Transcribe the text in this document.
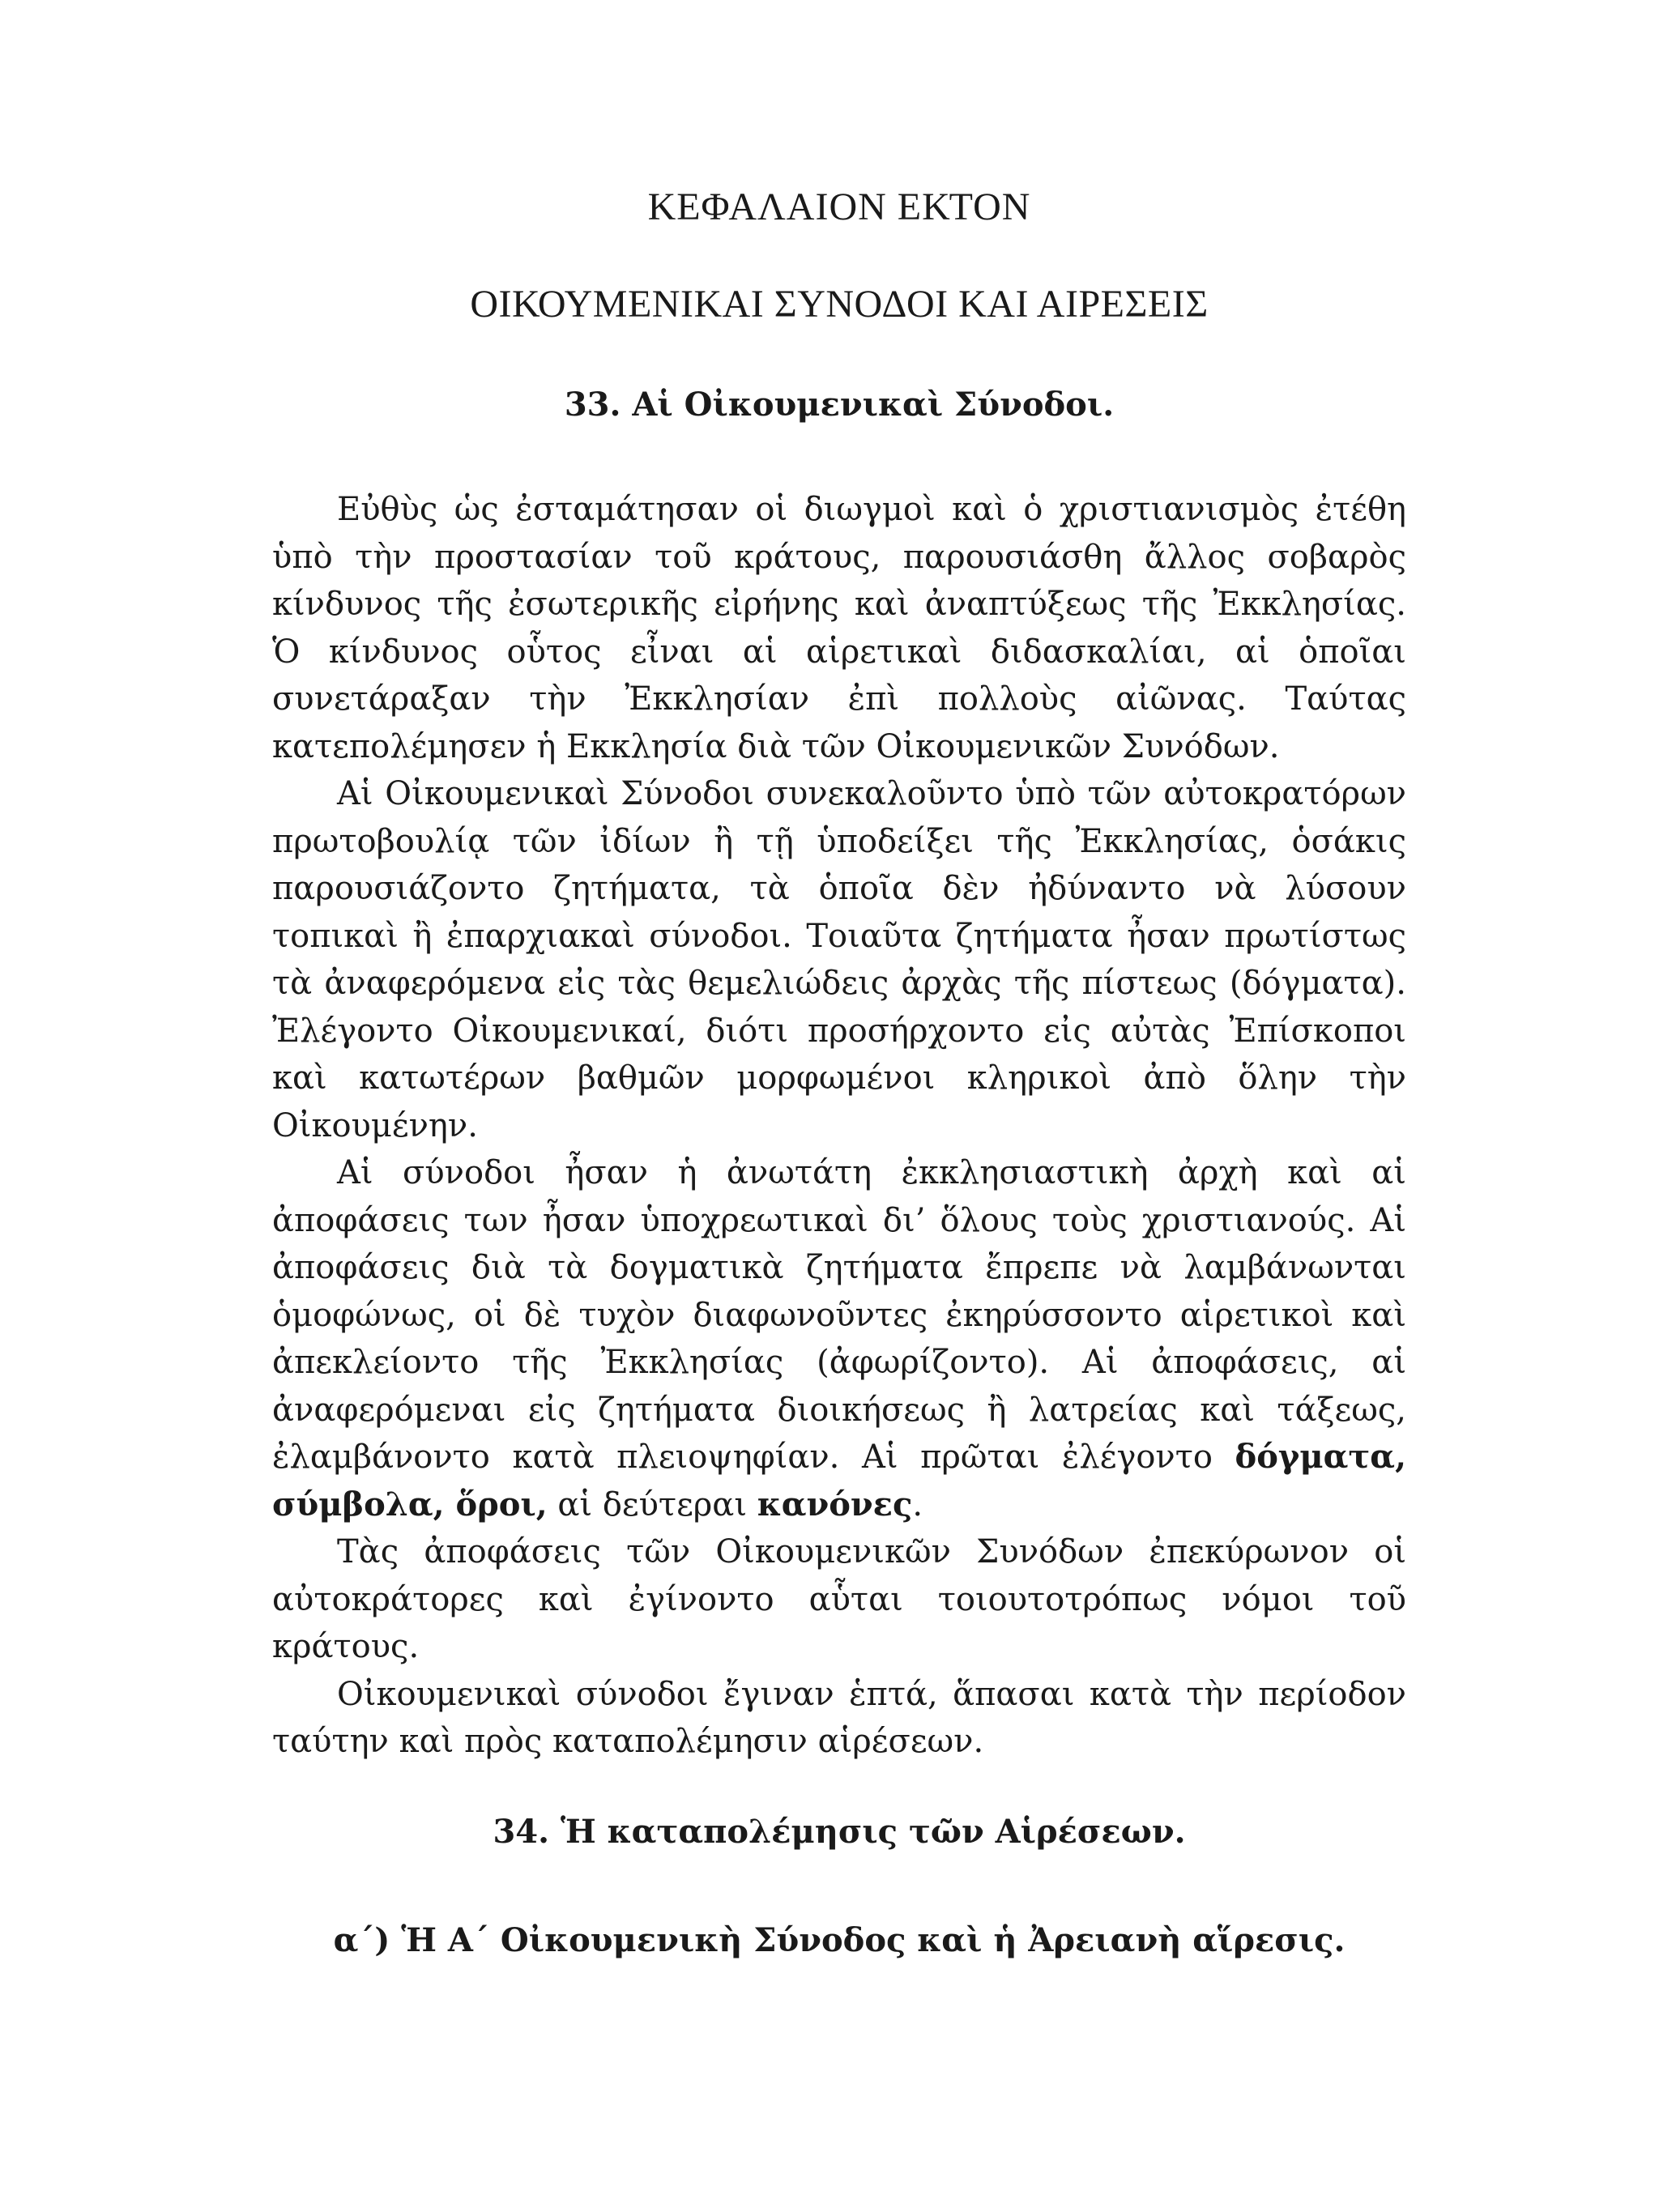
ΚΕΦΑΛΑΙΟΝ ΕΚΤΟΝ
ΟΙΚΟΥΜΕΝΙΚΑΙ ΣΥΝΟΔΟΙ ΚΑΙ ΑΙΡΕΣΕΙΣ
33. Αἱ Οἰκουμενικαὶ Σύνοδοι.

Εὐθὺς ὡς ἐσταμάτησαν οἱ διωγμοὶ καὶ ὁ χριστιανισμὸς ἐτέθη ὑπὸ τὴν προστασίαν τοῦ κράτους, παρουσιάσθη ἄλλος σοβαρὸς κίνδυνος τῆς ἐσωτερικῆς εἰρήνης καὶ ἀναπτύξεως τῆς Ἐκκλησίας. Ὁ κίνδυνος οὗτος εἶναι αἱ αἱρετικαὶ διδασκαλίαι, αἱ ὁποῖαι συνετάραξαν τὴν Ἐκκλησίαν ἐπὶ πολλοὺς αἰῶνας. Ταύτας κατεπολέμησεν ἡ Εκκλησία διὰ τῶν Οἰκουμενικῶν Συνόδων.

Αἱ Οἰκουμενικαὶ Σύνοδοι συνεκαλοῦντο ὑπὸ τῶν αὐτοκρατόρων πρωτοβουλίᾳ τῶν ἰδίων ἢ τῇ ὑποδείξει τῆς Ἐκκλησίας, ὁσάκις παρουσιάζοντο ζητήματα, τὰ ὁποῖα δὲν ἠδύναντο νὰ λύσουν τοπικαὶ ἢ ἐπαρχιακαὶ σύνοδοι. Τοιαῦτα ζητήματα ἦσαν πρωτίστως τὰ ἀναφερόμενα εἰς τὰς θεμελιώδεις ἀρχὰς τῆς πίστεως (δόγματα). Ἐλέγοντο Οἰκουμενικαί, διότι προσήρχοντο εἰς αὐτὰς Ἐπίσκοποι καὶ κατωτέρων βαθμῶν μορφωμένοι κληρικοὶ ἀπὸ ὅλην τὴν Οἰκουμένην.

Αἱ σύνοδοι ἦσαν ἡ ἀνωτάτη ἐκκλησιαστικὴ ἀρχὴ καὶ αἱ ἀποφάσεις των ἦσαν ὑποχρεωτικαὶ δι’ ὅλους τοὺς χριστιανούς. Αἱ ἀποφάσεις διὰ τὰ δογματικὰ ζητήματα ἔπρεπε νὰ λαμβάνωνται ὁμοφώνως, οἱ δὲ τυχὸν διαφωνοῦντες ἐκηρύσσοντο αἱρετικοὶ καὶ ἀπεκλείοντο τῆς Ἐκκλησίας (ἀφωρίζοντο). Αἱ ἀποφάσεις, αἱ ἀναφερόμεναι εἰς ζητήματα διοικήσεως ἢ λατρείας καὶ τάξεως, ἐλαμβάνοντο κατὰ πλειοψηφίαν. Αἱ πρῶται ἐλέγοντο δόγματα, σύμβολα, ὅροι, αἱ δεύτεραι κανόνες.

Τὰς ἀποφάσεις τῶν Οἰκουμενικῶν Συνόδων ἐπεκύρωνον οἱ αὐτοκράτορες καὶ ἐγίνοντο αὗται τοιουτοτρόπως νόμοι τοῦ κράτους.

Οἰκουμενικαὶ σύνοδοι ἔγιναν ἑπτά, ἅπασαι κατὰ τὴν περίοδον ταύτην καὶ πρὸς καταπολέμησιν αἱρέσεων.

34. Ἡ καταπολέμησις τῶν Αἱρέσεων.
α΄) Ἡ Α΄ Οἰκουμενικὴ Σύνοδος καὶ ἡ Ἀρειανὴ αἵρεσις.
